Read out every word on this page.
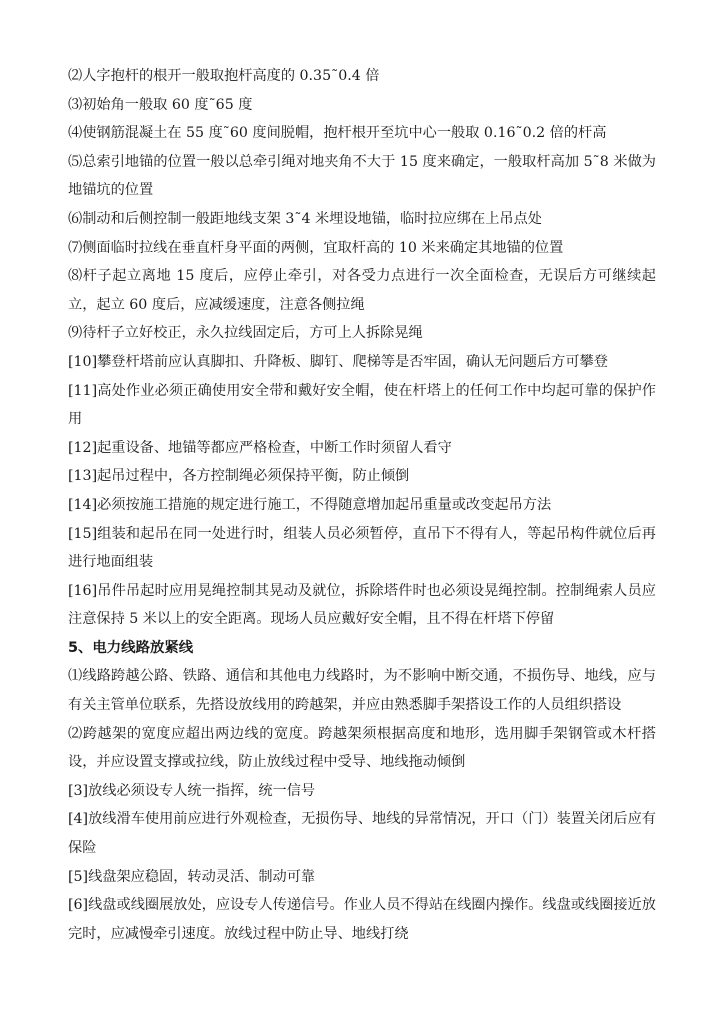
⑵人字抱杆的根开一般取抱杆高度的 0.35˜0.4 倍

⑶初始角一般取 60 度˜65 度

⑷使钢筋混凝土在 55 度˜60 度间脱帽，抱杆根开至坑中心一般取 0.16˜0.2 倍的杆高

⑸总索引地锚的位置一般以总牵引绳对地夹角不大于 15 度来确定，一般取杆高加 5˜8 米做为地锚坑的位置

⑹制动和后侧控制一般距地线支架 3˜4 米埋设地锚，临时拉应绑在上吊点处

⑺侧面临时拉线在垂直杆身平面的两侧，宜取杆高的 10 米来确定其地锚的位置

⑻杆子起立离地 15 度后，应停止牵引，对各受力点进行一次全面检查，无误后方可继续起立，起立 60 度后，应减缓速度，注意各侧拉绳

⑼待杆子立好校正，永久拉线固定后，方可上人拆除晃绳

[10]攀登杆塔前应认真脚扣、升降板、脚钉、爬梯等是否牢固，确认无问题后方可攀登

[11]高处作业必须正确使用安全带和戴好安全帽，使在杆塔上的任何工作中均起可靠的保护作用

[12]起重设备、地锚等都应严格检查，中断工作时须留人看守

[13]起吊过程中，各方控制绳必须保持平衡，防止倾倒

[14]必须按施工措施的规定进行施工，不得随意增加起吊重量或改变起吊方法

[15]组装和起吊在同一处进行时，组装人员必须暂停，直吊下不得有人，等起吊构件就位后再进行地面组装

[16]吊件吊起时应用晃绳控制其晃动及就位，拆除塔件时也必须设晃绳控制。控制绳索人员应注意保持 5 米以上的安全距离。现场人员应戴好安全帽，且不得在杆塔下停留

5、电力线路放紧线

⑴线路跨越公路、铁路、通信和其他电力线路时，为不影响中断交通，不损伤导、地线，应与有关主管单位联系，先搭设放线用的跨越架，并应由熟悉脚手架搭设工作的人员组织搭设

⑵跨越架的宽度应超出两边线的宽度。跨越架须根据高度和地形，选用脚手架钢管或木杆搭设，并应设置支撑或拉线，防止放线过程中受导、地线拖动倾倒

[3]放线必须设专人统一指挥，统一信号

[4]放线滑车使用前应进行外观检查，无损伤导、地线的异常情况，开口（门）装置关闭后应有保险

[5]线盘架应稳固，转动灵活、制动可靠

[6]线盘或线圈展放处，应设专人传递信号。作业人员不得站在线圈内操作。线盘或线圈接近放完时，应减慢牵引速度。放线过程中防止导、地线打绕
